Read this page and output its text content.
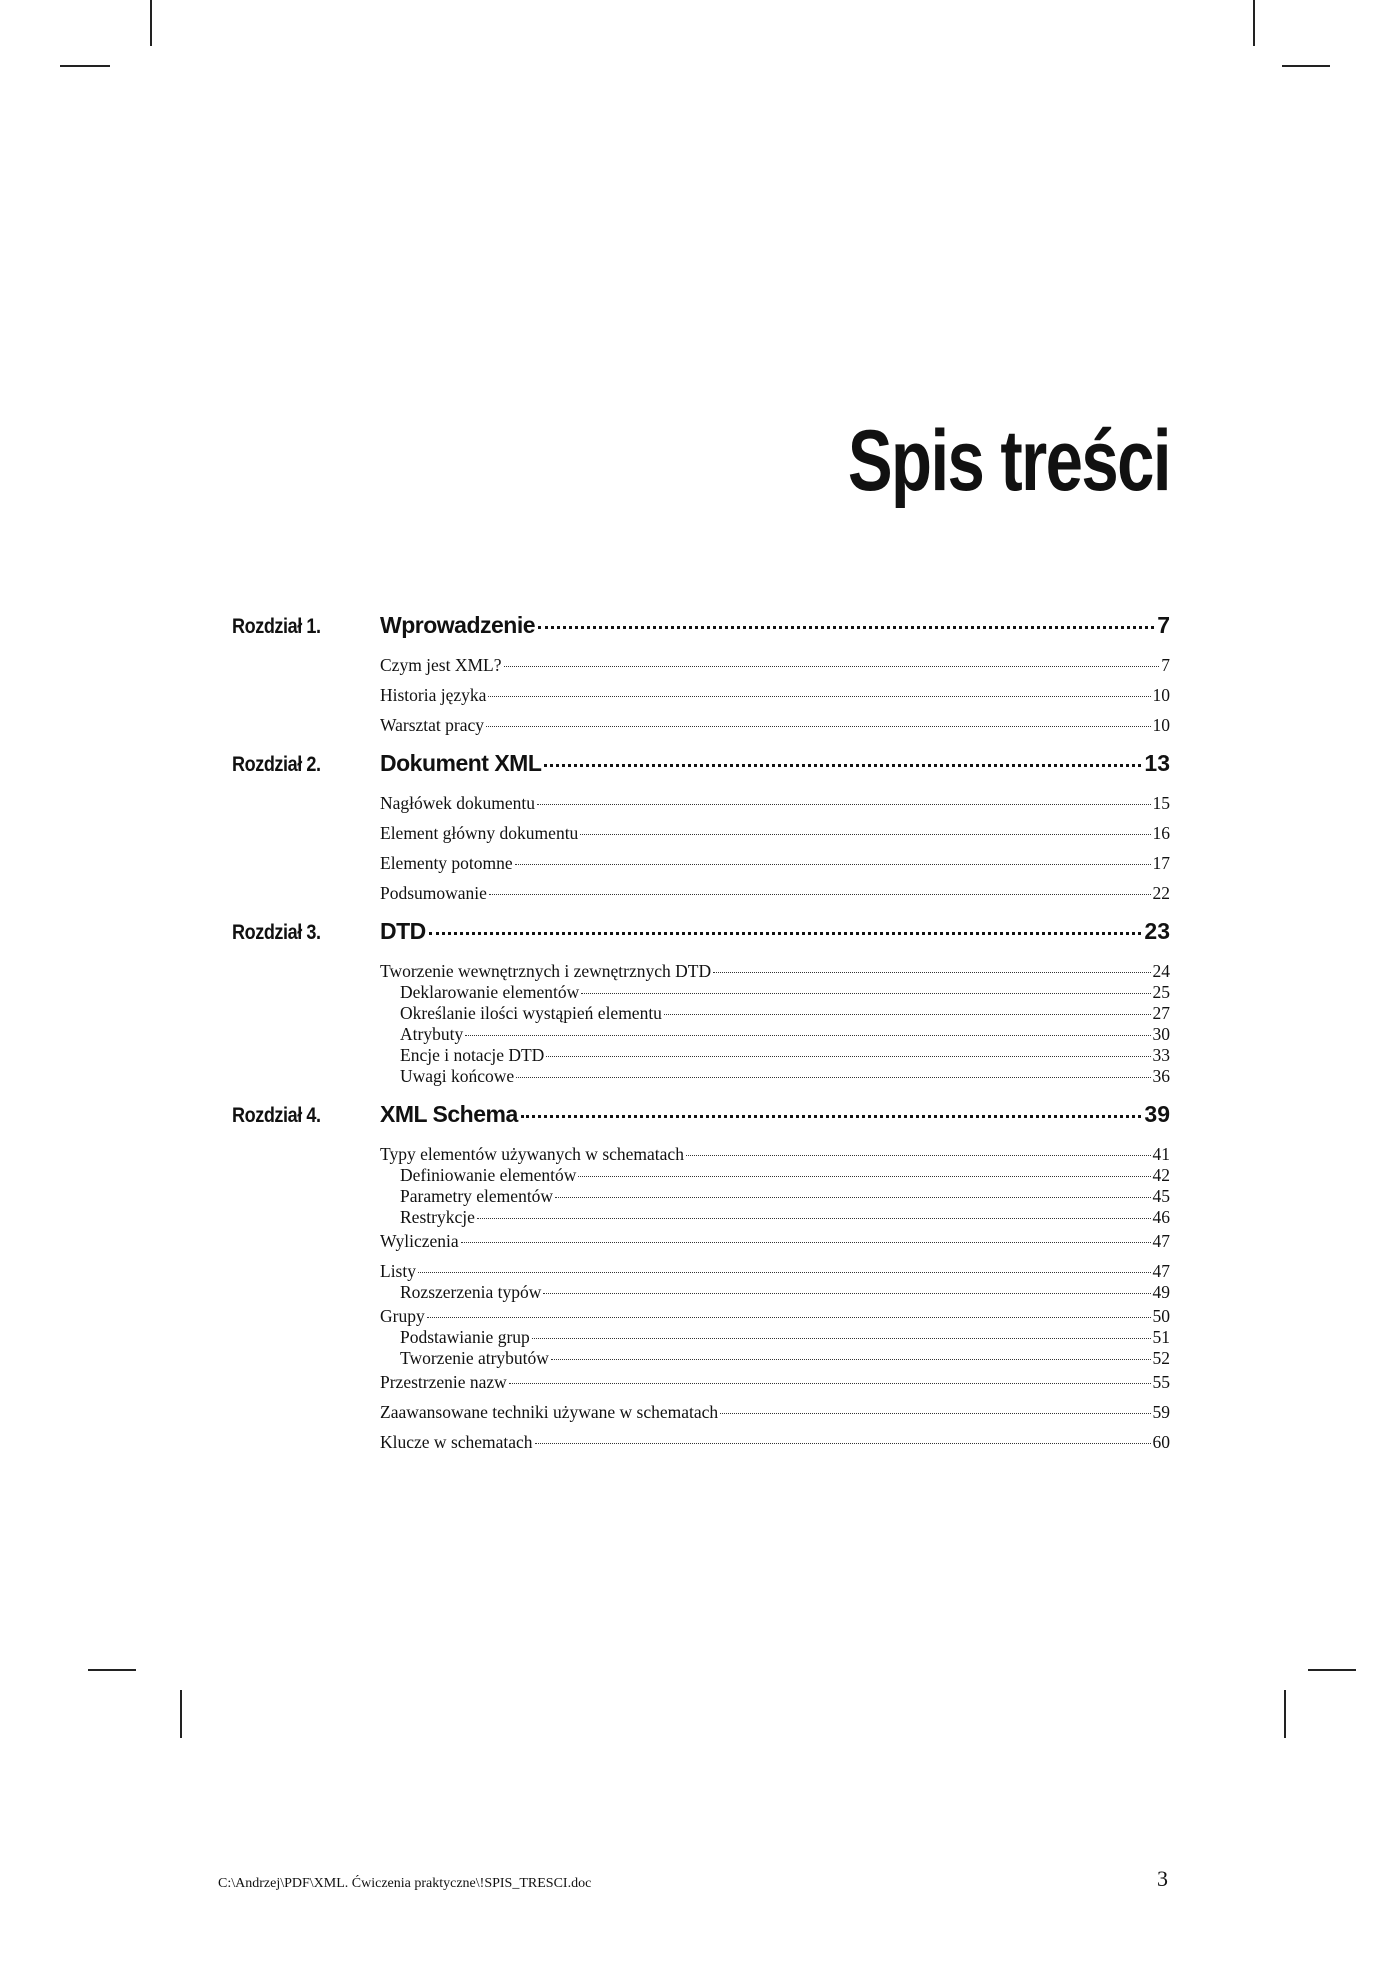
Spis treści
Rozdział 1.	Wprowadzenie	7
Czym jest XML?	7
Historia języka	10
Warsztat pracy	10
Rozdział 2.	Dokument XML	13
Nagłówek dokumentu	15
Element główny dokumentu	16
Elementy potomne	17
Podsumowanie	22
Rozdział 3.	DTD	23
Tworzenie wewnętrznych i zewnętrznych DTD	24
Deklarowanie elementów	25
Określanie ilości wystąpień elementu	27
Atrybuty	30
Encje i notacje DTD	33
Uwagi końcowe	36
Rozdział 4.	XML Schema	39
Typy elementów używanych w schematach	41
Definiowanie elementów	42
Parametry elementów	45
Restrykcje	46
Wyliczenia	47
Listy	47
Rozszerzenia typów	49
Grupy	50
Podstawianie grup	51
Tworzenie atrybutów	52
Przestrzenie nazw	55
Zaawansowane techniki używane w schematach	59
Klucze w schematach	60
C:\Andrzej\PDF\XML. Ćwiczenia praktyczne\!SPIS_TRESCI.doc	3
